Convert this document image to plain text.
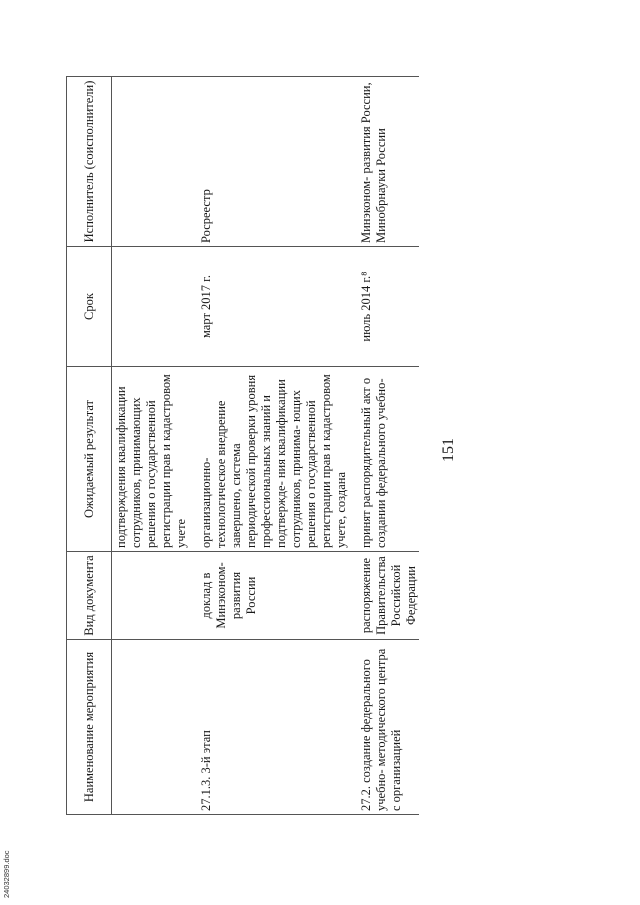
24032899.doc
151
Наименование мероприятия	Вид документа	Ожидаемый результат	Срок	Исполнитель (соисполнители)
		подтверждения квалификации сотрудников, принимающих решения о государственной регистрации прав и кадастровом учете		
27.1.3. 3-й этап	доклад в Минэконом- развития России	организационно- технологическое внедрение завершено, система периодической проверки уровня профессиональных знаний и подтвержде- ния квалификации сотрудников, принима- ющих решения о государственной регистрации прав и кадастровом учете, создана	март 2017 г.	Росреестр
27.2. создание федерального учебно- методического центра с организацией	распоряжение Правительства Российской Федерации	принят распорядительный акт о создании федерального учебно-	июль 2014 г.⁸	Минэконом- развития России, Минобрнауки России
